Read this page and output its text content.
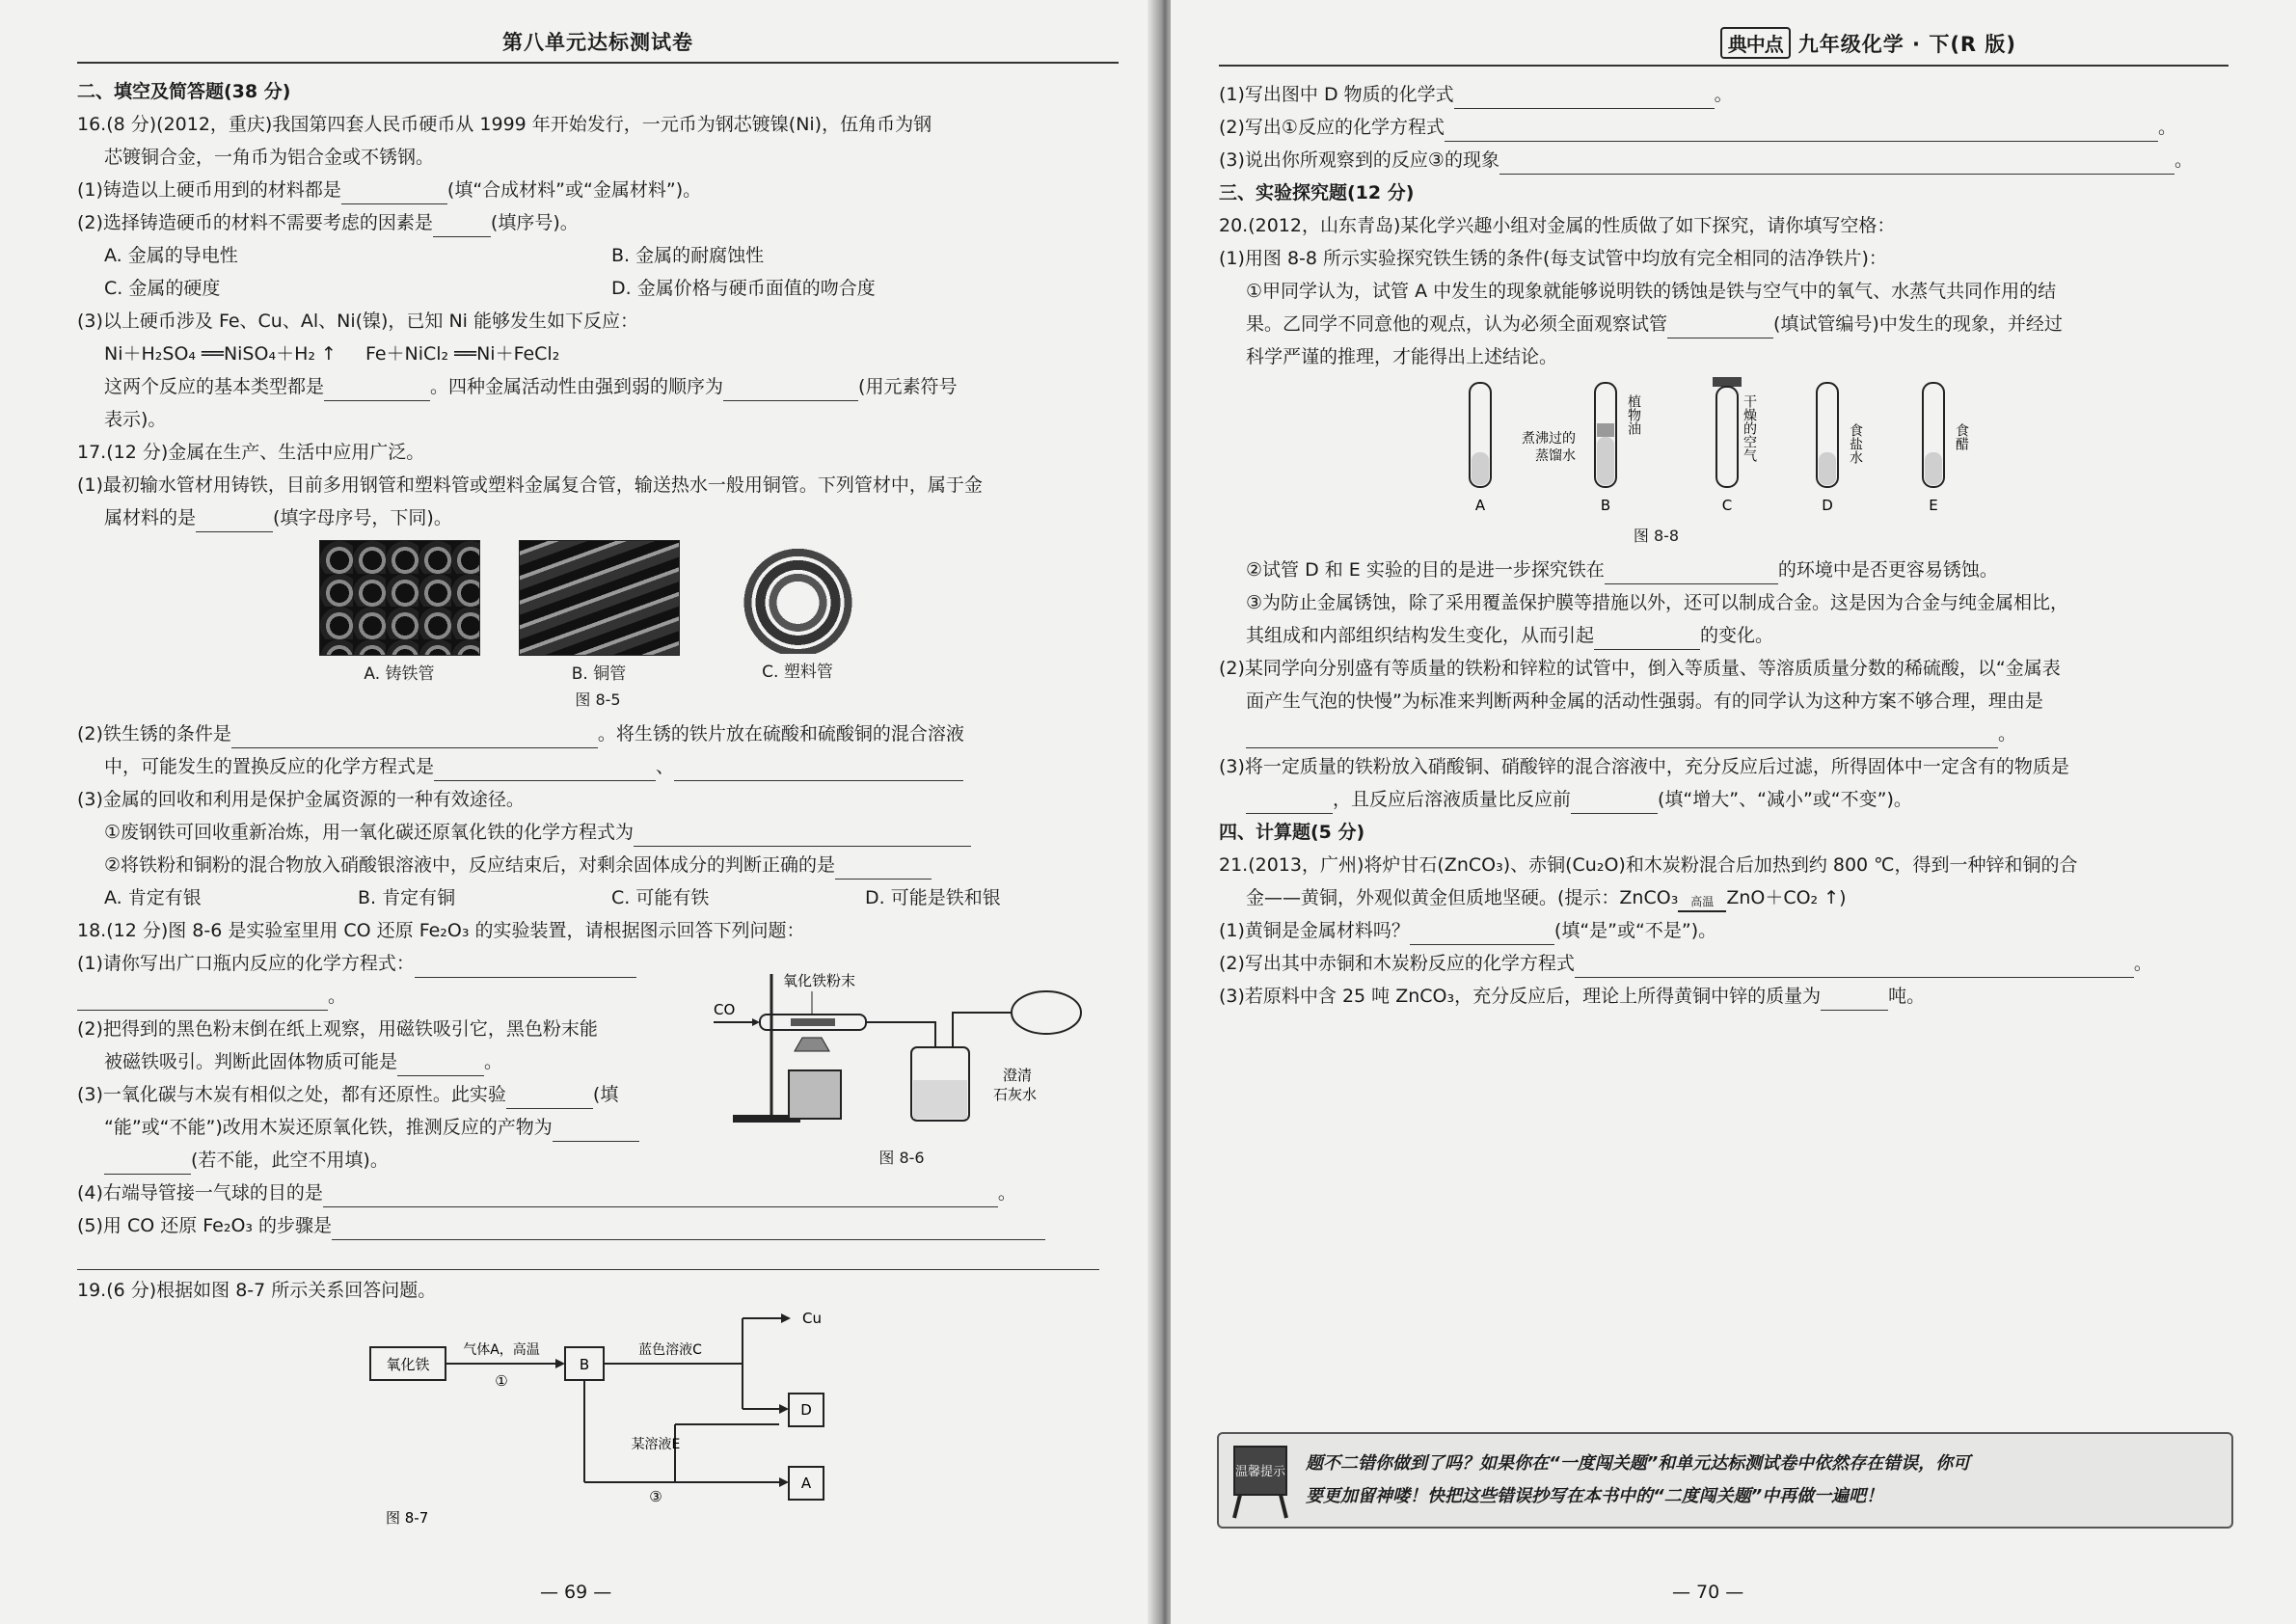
第八单元达标测试卷
二、填空及简答题(38 分)
16.(8 分)(2012，重庆)我国第四套人民币硬币从 1999 年开始发行，一元币为钢芯镀镍(Ni)，伍角币为钢
芯镀铜合金，一角币为铝合金或不锈钢。
(1)铸造以上硬币用到的材料都是	(填“合成材料”或“金属材料”)。
(2)选择铸造硬币的材料不需要考虑的因素是	(填序号)。
A. 金属的导电性	B. 金属的耐腐蚀性
C. 金属的硬度	D. 金属价格与硬币面值的吻合度
(3)以上硬币涉及 Fe、Cu、Al、Ni(镍)，已知 Ni 能够发生如下反应：
Ni＋H₂SO₄ ══NiSO₄＋H₂ ↑ Fe＋NiCl₂ ══Ni＋FeCl₂
这两个反应的基本类型都是	。四种金属活动性由强到弱的顺序为	(用元素符号
表示)。
17.(12 分)金属在生产、生活中应用广泛。
(1)最初输水管材用铸铁，目前多用钢管和塑料管或塑料金属复合管，输送热水一般用铜管。下列管材中，属于金
属材料的是	(填字母序号，下同)。
A. 铸铁管	B. 铜管	C. 塑料管
图 8-5
(2)铁生锈的条件是	。将生锈的铁片放在硫酸和硫酸铜的混合溶液
中，可能发生的置换反应的化学方程式是	、
(3)金属的回收和利用是保护金属资源的一种有效途径。
①废钢铁可回收重新冶炼，用一氧化碳还原氧化铁的化学方程式为
②将铁粉和铜粉的混合物放入硝酸银溶液中，反应结束后，对剩余固体成分的判断正确的是
A. 肯定有银	B. 肯定有铜	C. 可能有铁	D. 可能是铁和银
18.(12 分)图 8-6 是实验室里用 CO 还原 Fe₂O₃ 的实验装置，请根据图示回答下列问题：
(1)请你写出广口瓶内反应的化学方程式：
。
(2)把得到的黑色粉末倒在纸上观察，用磁铁吸引它，黑色粉末能
被磁铁吸引。判断此固体物质可能是	。
(3)一氧化碳与木炭有相似之处，都有还原性。此实验	(填
“能”或“不能”)改用木炭还原氧化铁，推测反应的产物为
(若不能，此空不用填)。
(4)右端导管接一气球的目的是	。
(5)用 CO 还原 Fe₂O₃ 的步骤是
CO
氧化铁粉末
澄清
石灰水
图 8-6
19.(6 分)根据如图 8-7 所示关系回答问题。
氧化铁
气体A，高温
①
B
蓝色溶液C
Cu
D
某溶液E
③
A
图 8-7
— 69 —
典中点 九年级化学 · 下(R 版)
(1)写出图中 D 物质的化学式	。
(2)写出①反应的化学方程式	。
(3)说出你所观察到的反应③的现象	。
三、实验探究题(12 分)
20.(2012，山东青岛)某化学兴趣小组对金属的性质做了如下探究，请你填写空格：
(1)用图 8-8 所示实验探究铁生锈的条件(每支试管中均放有完全相同的洁净铁片)：
①甲同学认为，试管 A 中发生的现象就能够说明铁的锈蚀是铁与空气中的氧气、水蒸气共同作用的结
果。乙同学不同意他的观点，认为必须全面观察试管	(填试管编号)中发生的现象，并经过
科学严谨的推理，才能得出上述结论。
A
煮沸过的
蒸馏水
B
植物油
C
干燥的空气
D
食盐水
E
食醋
图 8-8
②试管 D 和 E 实验的目的是进一步探究铁在	的环境中是否更容易锈蚀。
③为防止金属锈蚀，除了采用覆盖保护膜等措施以外，还可以制成合金。这是因为合金与纯金属相比，
其组成和内部组织结构发生变化，从而引起	的变化。
(2)某同学向分别盛有等质量的铁粉和锌粒的试管中，倒入等质量、等溶质质量分数的稀硫酸，以“金属表
面产生气泡的快慢”为标准来判断两种金属的活动性强弱。有的同学认为这种方案不够合理，理由是
。
(3)将一定质量的铁粉放入硝酸铜、硝酸锌的混合溶液中，充分反应后过滤，所得固体中一定含有的物质是
，且反应后溶液质量比反应前	(填“增大”、“减小”或“不变”)。
四、计算题(5 分)
21.(2013，广州)将炉甘石(ZnCO₃)、赤铜(Cu₂O)和木炭粉混合后加热到约 800 ℃，得到一种锌和铜的合
金——黄铜，外观似黄金但质地坚硬。(提示：ZnCO₃	高温 ZnO＋CO₂ ↑)
(1)黄铜是金属材料吗？	(填“是”或“不是”)。
(2)写出其中赤铜和木炭粉反应的化学方程式	。
(3)若原料中含 25 吨 ZnCO₃，充分反应后，理论上所得黄铜中锌的质量为	吨。
温馨提示 题不二错你做到了吗？如果你在“一度闯关题”和单元达标测试卷中依然存在错误，你可
要更加留神喽！快把这些错误抄写在本书中的“二度闯关题”中再做一遍吧！
— 70 —
